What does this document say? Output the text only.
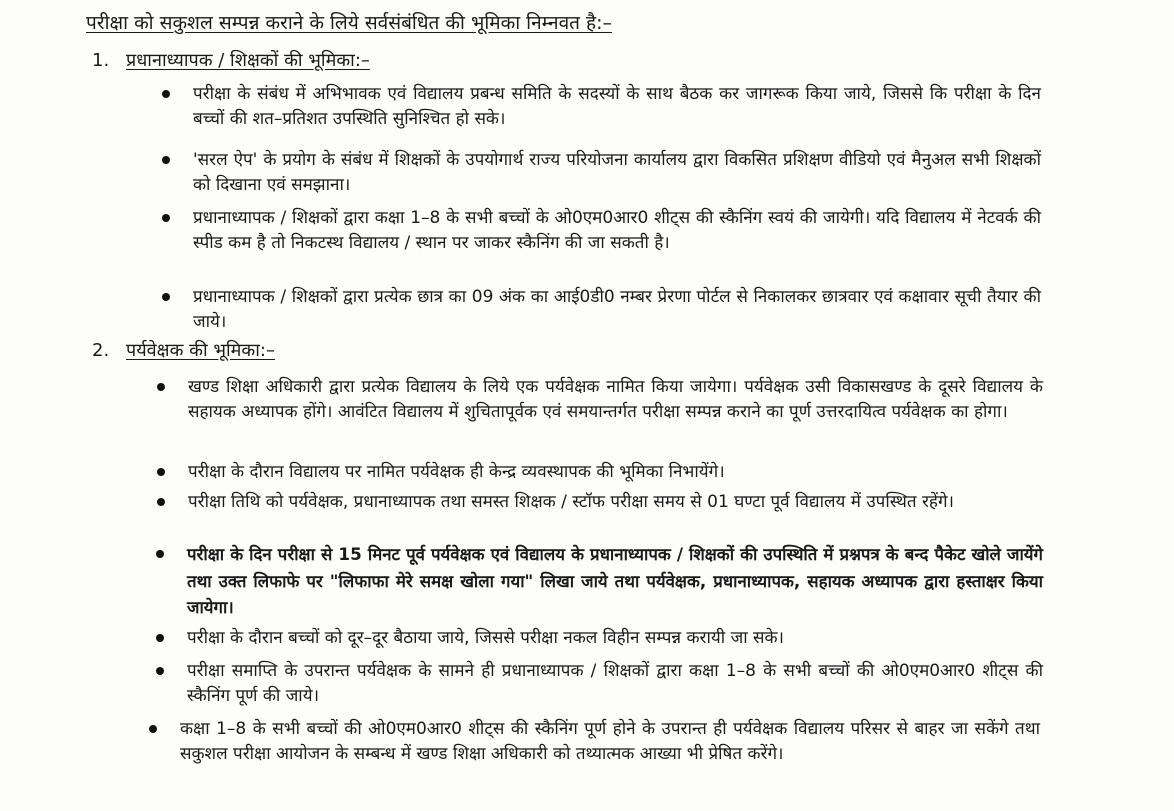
परीक्षा को सकुशल सम्पन्न कराने के लिये सर्वसंबंधित की भूमिका निम्नवत है:–
1. प्रधानाध्यापक / शिक्षकों की भूमिका:–
परीक्षा के संबंध में अभिभावक एवं विद्यालय प्रबन्ध समिति के सदस्यों के साथ बैठक कर जागरूक किया जाये, जिससे कि परीक्षा के दिन बच्चों की शत–प्रतिशत उपस्थिति सुनिश्चित हो सके।
'सरल ऐप' के प्रयोग के संबंध में शिक्षकों के उपयोगार्थ राज्य परियोजना कार्यालय द्वारा विकसित प्रशिक्षण वीडियो एवं मैनुअल सभी शिक्षकों को दिखाना एवं समझाना।
प्रधानाध्यापक / शिक्षकों द्वारा कक्षा 1–8 के सभी बच्चों के ओ0एम0आर0 शीट्स की स्कैनिंग स्वयं की जायेगी। यदि विद्यालय में नेटवर्क की स्पीड कम है तो निकटस्थ विद्यालय / स्थान पर जाकर स्कैनिंग की जा सकती है।
प्रधानाध्यापक / शिक्षकों द्वारा प्रत्येक छात्र का 09 अंक का आई0डी0 नम्बर प्रेरणा पोर्टल से निकालकर छात्रवार एवं कक्षावार सूची तैयार की जाये।
2. पर्यवेक्षक की भूमिका:–
खण्ड शिक्षा अधिकारी द्वारा प्रत्येक विद्यालय के लिये एक पर्यवेक्षक नामित किया जायेगा। पर्यवेक्षक उसी विकासखण्ड के दूसरे विद्यालय के सहायक अध्यापक होंगे। आवंटित विद्यालय में शुचितापूर्वक एवं समयान्तर्गत परीक्षा सम्पन्न कराने का पूर्ण उत्तरदायित्व पर्यवेक्षक का होगा।
परीक्षा के दौरान विद्यालय पर नामित पर्यवेक्षक ही केन्द्र व्यवस्थापक की भूमिका निभायेंगे।
परीक्षा तिथि को पर्यवेक्षक, प्रधानाध्यापक तथा समस्त शिक्षक / स्टॉफ परीक्षा समय से 01 घण्टा पूर्व विद्यालय में उपस्थित रहेंगे।
परीक्षा के दिन परीक्षा से 15 मिनट पूर्व पर्यवेक्षक एवं विद्यालय के प्रधानाध्यापक / शिक्षकों की उपस्थिति में प्रश्नपत्र के बन्द पैकेट खोले जायेंगे तथा उक्त लिफाफे पर "लिफाफा मेरे समक्ष खोला गया" लिखा जाये तथा पर्यवेक्षक, प्रधानाध्यापक, सहायक अध्यापक द्वारा हस्ताक्षर किया जायेगा।
परीक्षा के दौरान बच्चों को दूर–दूर बैठाया जाये, जिससे परीक्षा नकल विहीन सम्पन्न करायी जा सके।
परीक्षा समाप्ति के उपरान्त पर्यवेक्षक के सामने ही प्रधानाध्यापक / शिक्षकों द्वारा कक्षा 1–8 के सभी बच्चों की ओ0एम0आर0 शीट्स की स्कैनिंग पूर्ण की जाये।
कक्षा 1–8 के सभी बच्चों की ओ0एम0आर0 शीट्स की स्कैनिंग पूर्ण होने के उपरान्त ही पर्यवेक्षक विद्यालय परिसर से बाहर जा सकेंगे तथा सकुशल परीक्षा आयोजन के सम्बन्ध में खण्ड शिक्षा अधिकारी को तथ्यात्मक आख्या भी प्रेषित करेंगे।
